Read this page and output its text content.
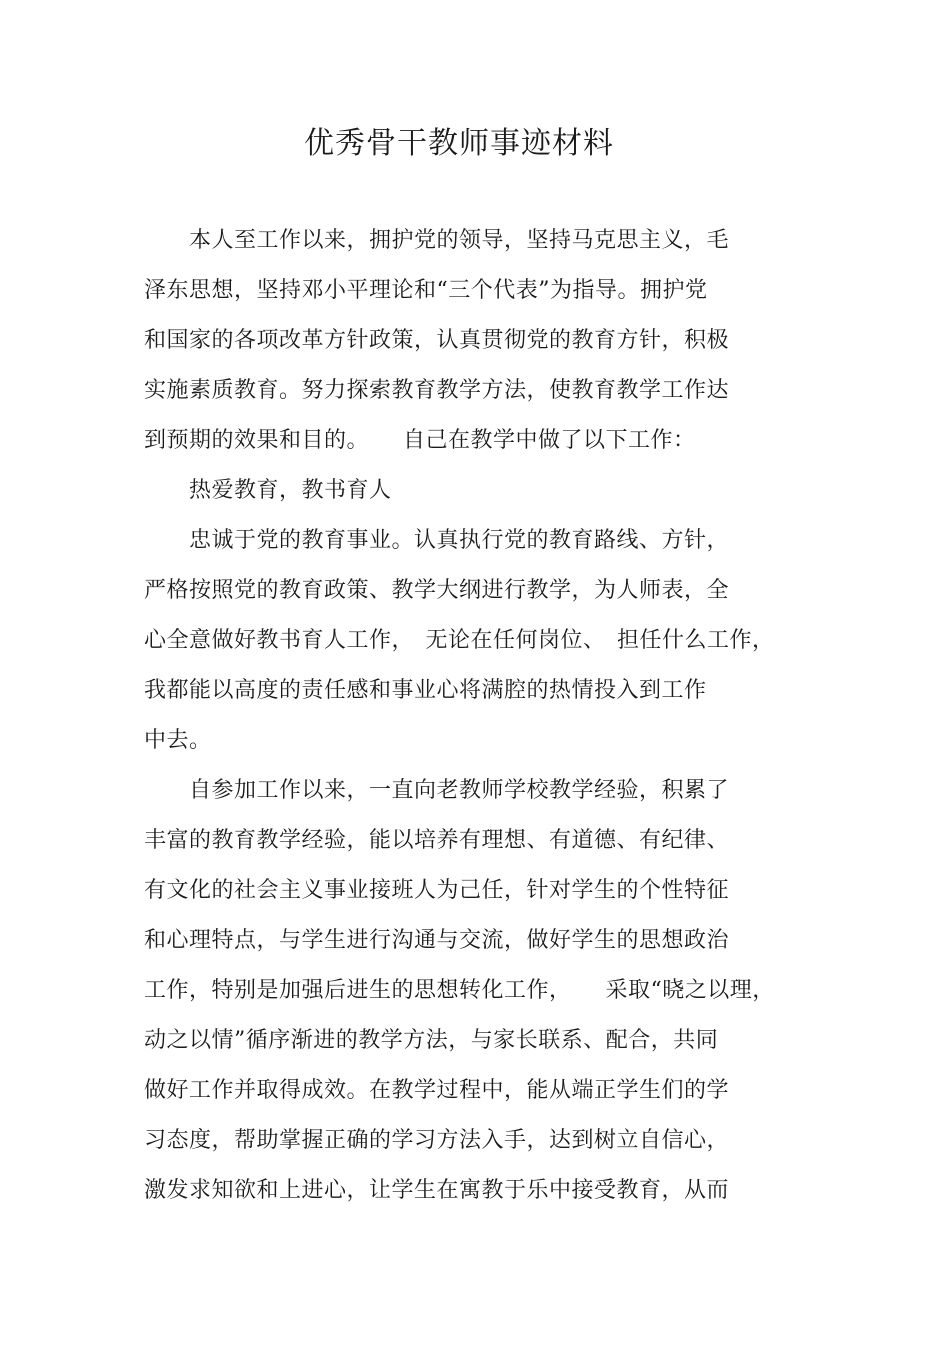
优秀骨干教师事迹材料
　　本人至工作以来，拥护党的领导，坚持马克思主义，毛
泽东思想，坚持邓小平理论和“三个代表”为指导。拥护党
和国家的各项改革方针政策，认真贯彻党的教育方针，积极
实施素质教育。努力探索教育教学方法，使教育教学工作达
到预期的效果和目的。　　自己在教学中做了以下工作：
　　热爱教育，教书育人
　　忠诚于党的教育事业。认真执行党的教育路线、方针，
严格按照党的教育政策、教学大纲进行教学，为人师表，全
心全意做好教书育人工作，　无论在任何岗位、　担任什么工作，
我都能以高度的责任感和事业心将满腔的热情投入到工作
中去。
　　自参加工作以来，一直向老教师学校教学经验，积累了
丰富的教育教学经验，能以培养有理想、有道德、有纪律、
有文化的社会主义事业接班人为己任，针对学生的个性特征
和心理特点，与学生进行沟通与交流，做好学生的思想政治
工作，特别是加强后进生的思想转化工作，　　采取“晓之以理，
动之以情”循序渐进的教学方法，与家长联系、配合，共同
做好工作并取得成效。在教学过程中，能从端正学生们的学
习态度，帮助掌握正确的学习方法入手，达到树立自信心，
激发求知欲和上进心，让学生在寓教于乐中接受教育，从而
